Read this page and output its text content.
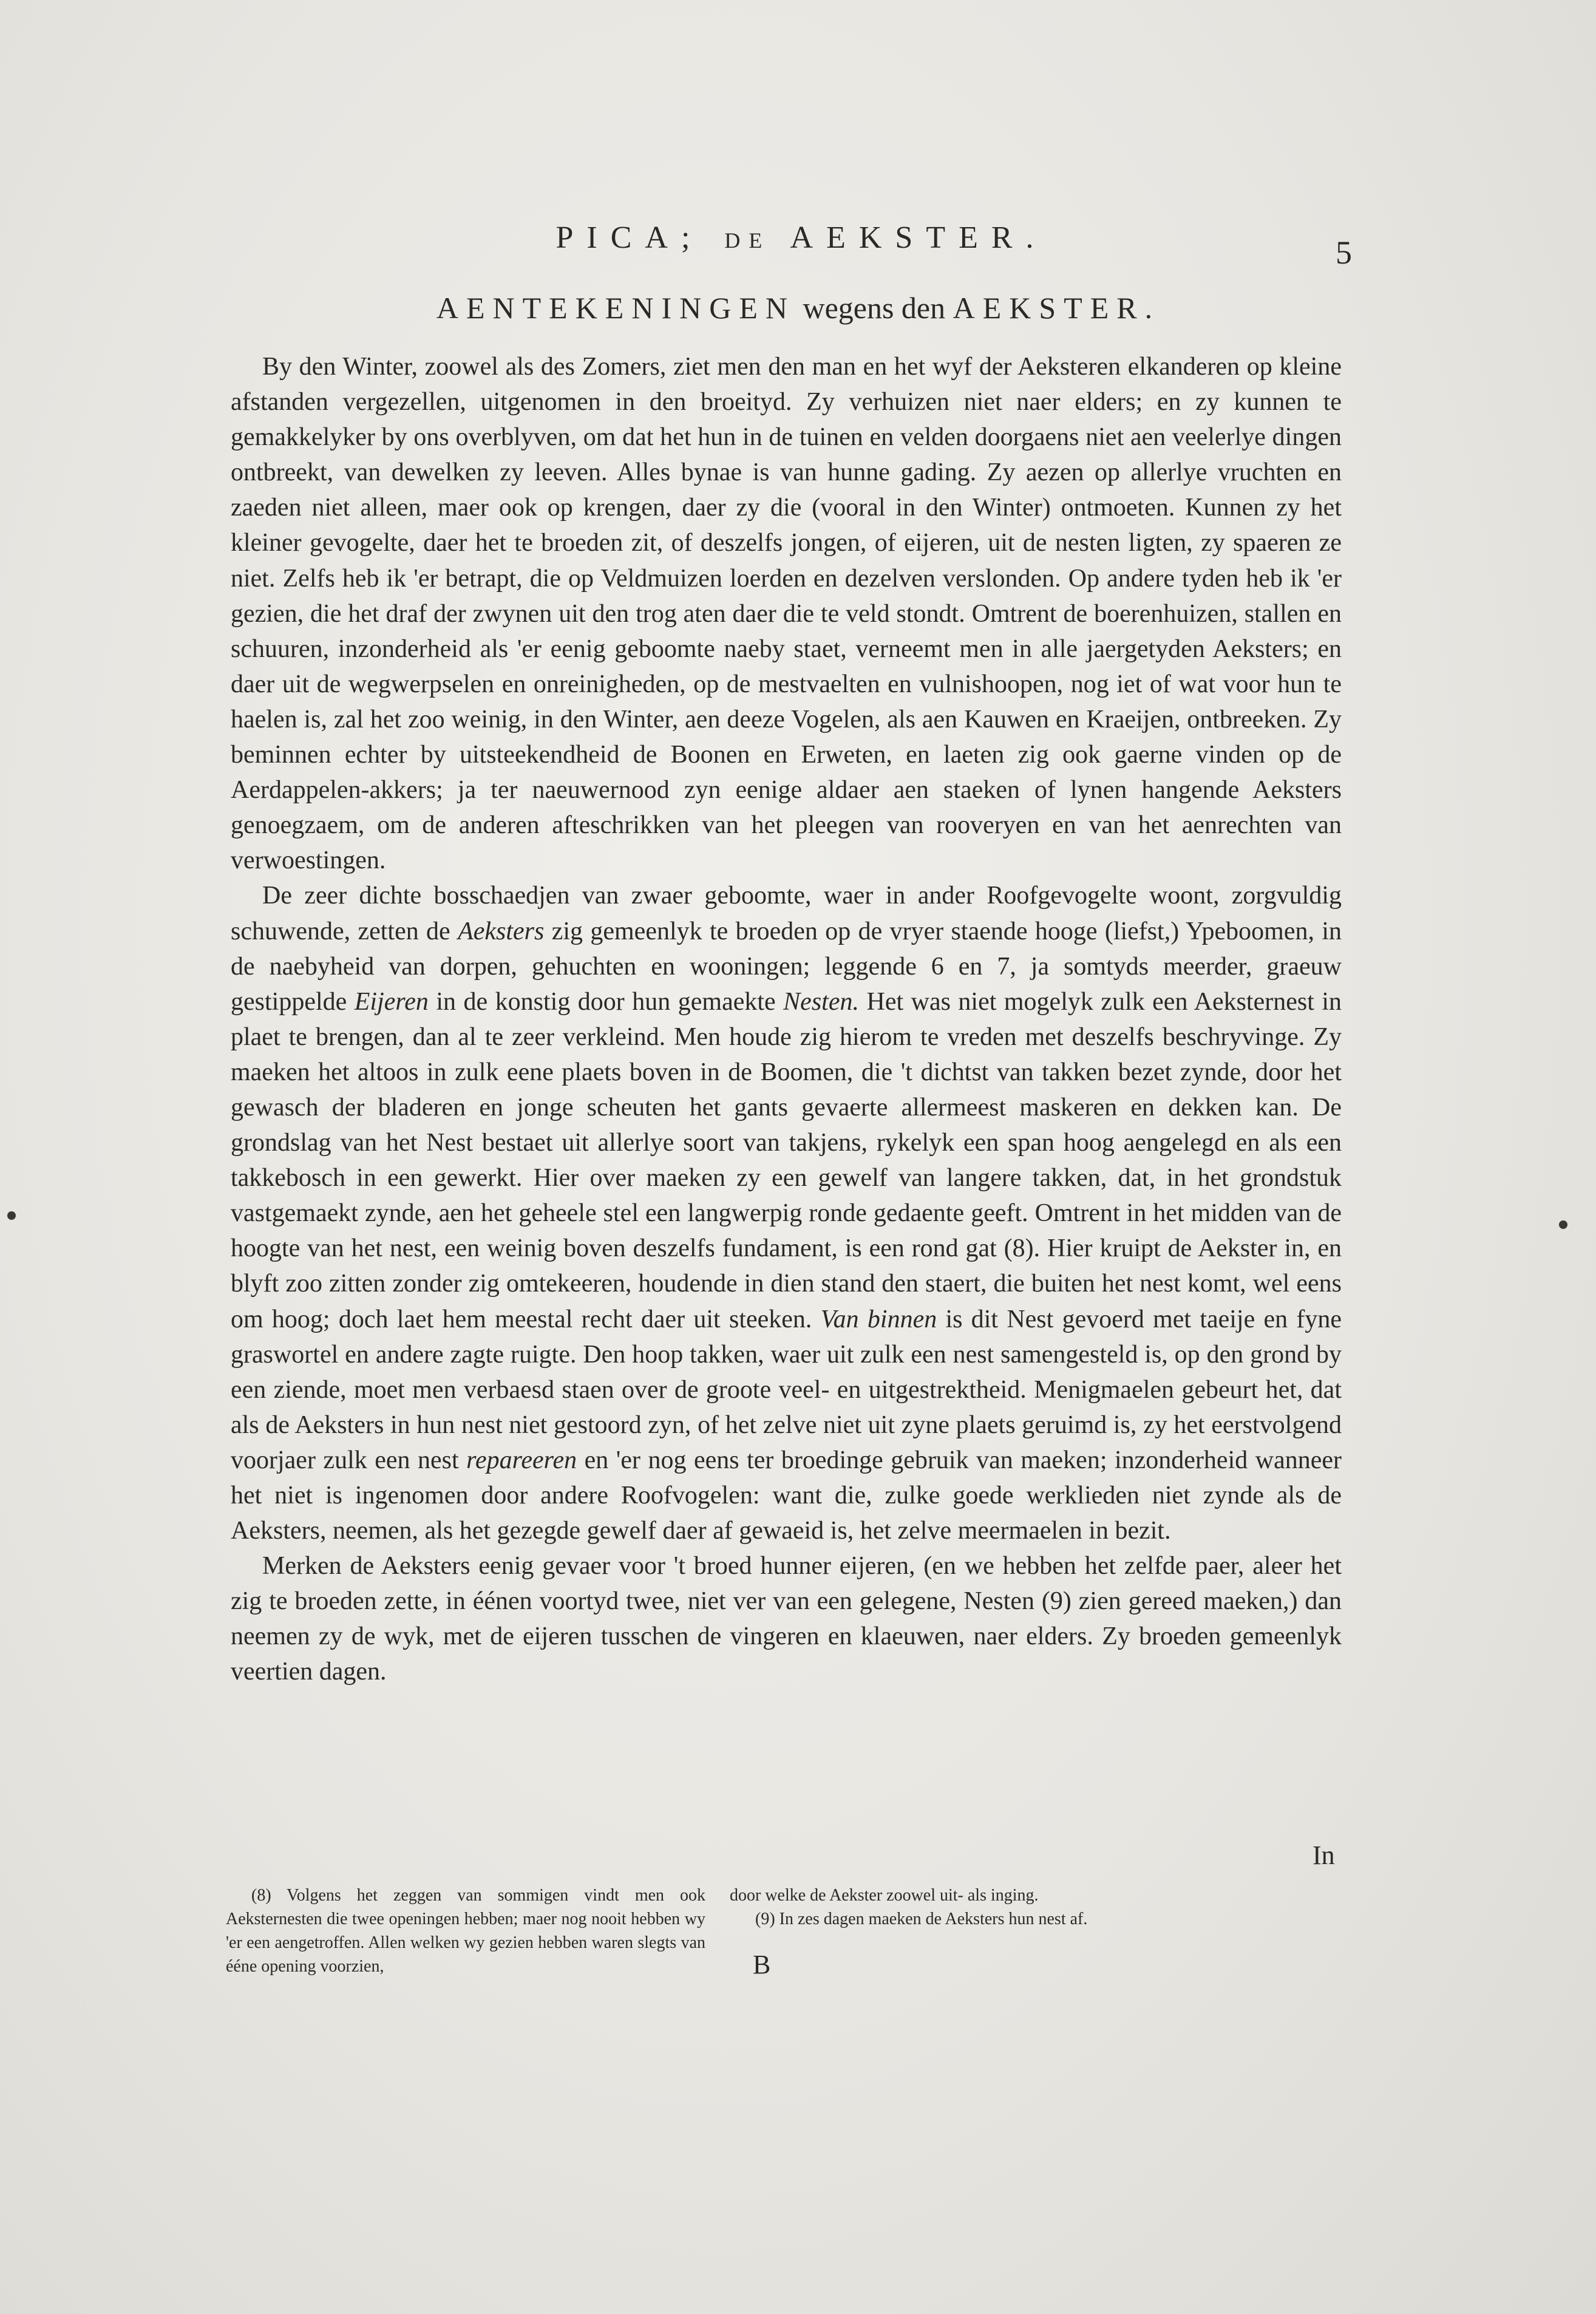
PICA; DE AEKSTER.	5
AENTEKENINGEN wegens den AEKSTER.

By den Winter, zoowel als des Zomers, ziet men den man en het wyf der Aeksteren elkanderen op kleine afstanden vergezellen, uitgenomen in den broeityd. Zy verhuizen niet naer elders; en zy kunnen te gemakkelyker by ons overblyven, om dat het hun in de tuinen en velden doorgaens niet aen veelerlye dingen ontbreekt, van dewelken zy leeven. Alles bynae is van hunne gading. Zy aezen op allerlye vruchten en zaeden niet alleen, maer ook op krengen, daer zy die (vooral in den Winter) ontmoeten. Kunnen zy het kleiner gevogelte, daer het te broeden zit, of deszelfs jongen, of eijeren, uit de nesten ligten, zy spaeren ze niet. Zelfs heb ik 'er betrapt, die op Veldmuizen loerden en dezelven verslonden. Op andere tyden heb ik 'er gezien, die het draf der zwynen uit den trog aten daer die te veld stondt. Omtrent de boerenhuizen, stallen en schuuren, inzonderheid als 'er eenig geboomte naeby staet, verneemt men in alle jaergetyden Aeksters; en daer uit de wegwerpselen en onreinigheden, op de mestvaelten en vulnishoopen, nog iet of wat voor hun te haelen is, zal het zoo weinig, in den Winter, aen deeze Vogelen, als aen Kauwen en Kraeijen, ontbreeken. Zy beminnen echter by uitsteekendheid de Boonen en Erweten, en laeten zig ook gaerne vinden op de Aerdappelen-akkers; ja ter naeuwernood zyn eenige aldaer aen staeken of lynen hangende Aeksters genoegzaem, om de anderen afteschrikken van het pleegen van rooveryen en van het aenrechten van verwoestingen.

De zeer dichte bosschaedjen van zwaer geboomte, waer in ander Roofgevogelte woont, zorgvuldig schuwende, zetten de Aeksters zig gemeenlyk te broeden op de vryer staende hooge (liefst,) Ypeboomen, in de naebyheid van dorpen, gehuchten en wooningen; leggende 6 en 7, ja somtyds meerder, graeuw gestippelde Eijeren in de konstig door hun gemaekte Nesten. Het was niet mogelyk zulk een Aeksternest in plaet te brengen, dan al te zeer verkleind. Men houde zig hierom te vreden met deszelfs beschryvinge. Zy maeken het altoos in zulk eene plaets boven in de Boomen, die 't dichtst van takken bezet zynde, door het gewasch der bladeren en jonge scheuten het gants gevaerte allermeest maskeren en dekken kan. De grondslag van het Nest bestaet uit allerlye soort van takjens, rykelyk een span hoog aengelegd en als een takkebosch in een gewerkt. Hier over maeken zy een gewelf van langere takken, dat, in het grondstuk vastgemaekt zynde, aen het geheele stel een langwerpig ronde gedaente geeft. Omtrent in het midden van de hoogte van het nest, een weinig boven deszelfs fundament, is een rond gat (8). Hier kruipt de Aekster in, en blyft zoo zitten zonder zig omtekeeren, houdende in dien stand den staert, die buiten het nest komt, wel eens om hoog; doch laet hem meestal recht daer uit steeken. Van binnen is dit Nest gevoerd met taeije en fyne graswortel en andere zagte ruigte. Den hoop takken, waer uit zulk een nest samengesteld is, op den grond by een ziende, moet men verbaesd staen over de groote veel- en uitgestrektheid. Menigmaelen gebeurt het, dat als de Aeksters in hun nest niet gestoord zyn, of het zelve niet uit zyne plaets geruimd is, zy het eerstvolgend voorjaer zulk een nest repareeren en 'er nog eens ter broedinge gebruik van maeken; inzonderheid wanneer het niet is ingenomen door andere Roofvogelen: want die, zulke goede werklieden niet zynde als de Aeksters, neemen, als het gezegde gewelf daer af gewaeid is, het zelve meermaelen in bezit.

Merken de Aeksters eenig gevaer voor 't broed hunner eijeren, (en we hebben het zelfde paer, aleer het zig te broeden zette, in éénen voortyd twee, niet ver van een gelegene, Nesten (9) zien gereed maeken,) dan neemen zy de wyk, met de eijeren tusschen de vingeren en klaeuwen, naer elders. Zy broeden gemeenlyk veertien dagen.

In

(8) Volgens het zeggen van sommigen vindt men ook Aeksternesten die twee openingen hebben; maer nog nooit hebben wy 'er een aengetroffen. Allen welken wy gezien hebben waren slegts van ééne opening voorzien,

door welke de Aekster zoowel uit- als inging.

(9) In zes dagen maeken de Aeksters hun nest af.

B
